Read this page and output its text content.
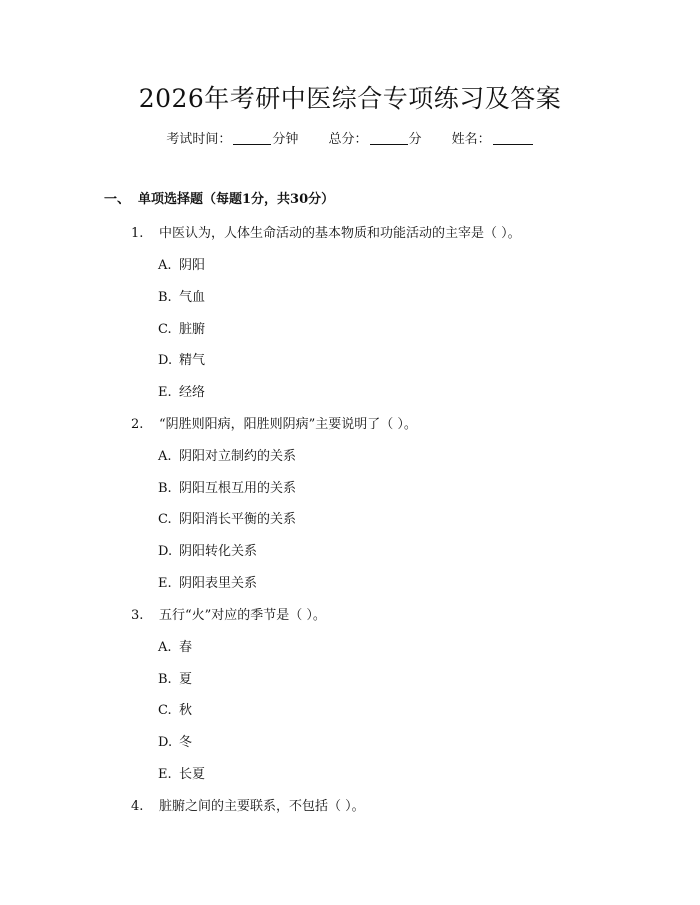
2026年考研中医综合专项练习及答案
考试时间：	分钟 总分：	分 姓名：
一、 单项选择题（每题1分，共30分）
1. 中医认为，人体生命活动的基本物质和功能活动的主宰是（ ）。
A. 阴阳
B. 气血
C. 脏腑
D. 精气
E. 经络
2. “阴胜则阳病，阳胜则阴病”主要说明了（ ）。
A. 阴阳对立制约的关系
B. 阴阳互根互用的关系
C. 阴阳消长平衡的关系
D. 阴阳转化关系
E. 阴阳表里关系
3. 五行“火”对应的季节是（ ）。
A. 春
B. 夏
C. 秋
D. 冬
E. 长夏
4. 脏腑之间的主要联系，不包括（ ）。
